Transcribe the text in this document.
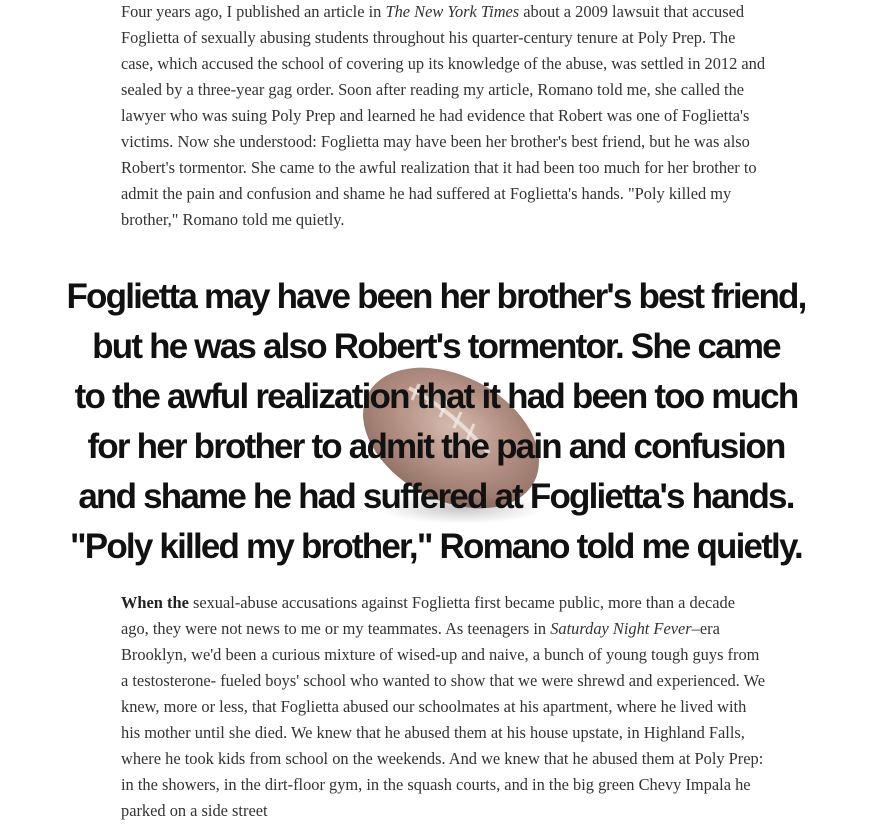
Four years ago, I published an article in The New York Times about a 2009 lawsuit that accused Foglietta of sexually abusing students throughout his quarter-century tenure at Poly Prep. The case, which accused the school of covering up its knowledge of the abuse, was settled in 2012 and sealed by a three-year gag order. Soon after reading my article, Romano told me, she called the lawyer who was suing Poly Prep and learned he had evidence that Robert was one of Foglietta's victims. Now she understood: Foglietta may have been her brother's best friend, but he was also Robert's tormentor. She came to the awful realization that it had been too much for her brother to admit the pain and confusion and shame he had suffered at Foglietta's hands. "Poly killed my brother," Romano told me quietly.

Foglietta may have been her brother's best friend,
but he was also Robert's tormentor. She came
to the awful realization that it had been too much
for her brother to admit the pain and confusion
and shame he had suffered at Foglietta's hands.
"Poly killed my brother," Romano told me quietly.

When the sexual-abuse accusations against Foglietta first became public, more than a decade ago, they were not news to me or my teammates. As teenagers in Saturday Night Fever–era Brooklyn, we'd been a curious mixture of wised-up and naive, a bunch of young tough guys from a testosterone- fueled boys' school who wanted to show that we were shrewd and experienced. We knew, more or less, that Foglietta abused our schoolmates at his apartment, where he lived with his mother until she died. We knew that he abused them at his house upstate, in Highland Falls, where he took kids from school on the weekends. And we knew that he abused them at Poly Prep: in the showers, in the dirt-floor gym, in the squash courts, and in the big green Chevy Impala he parked on a side street
